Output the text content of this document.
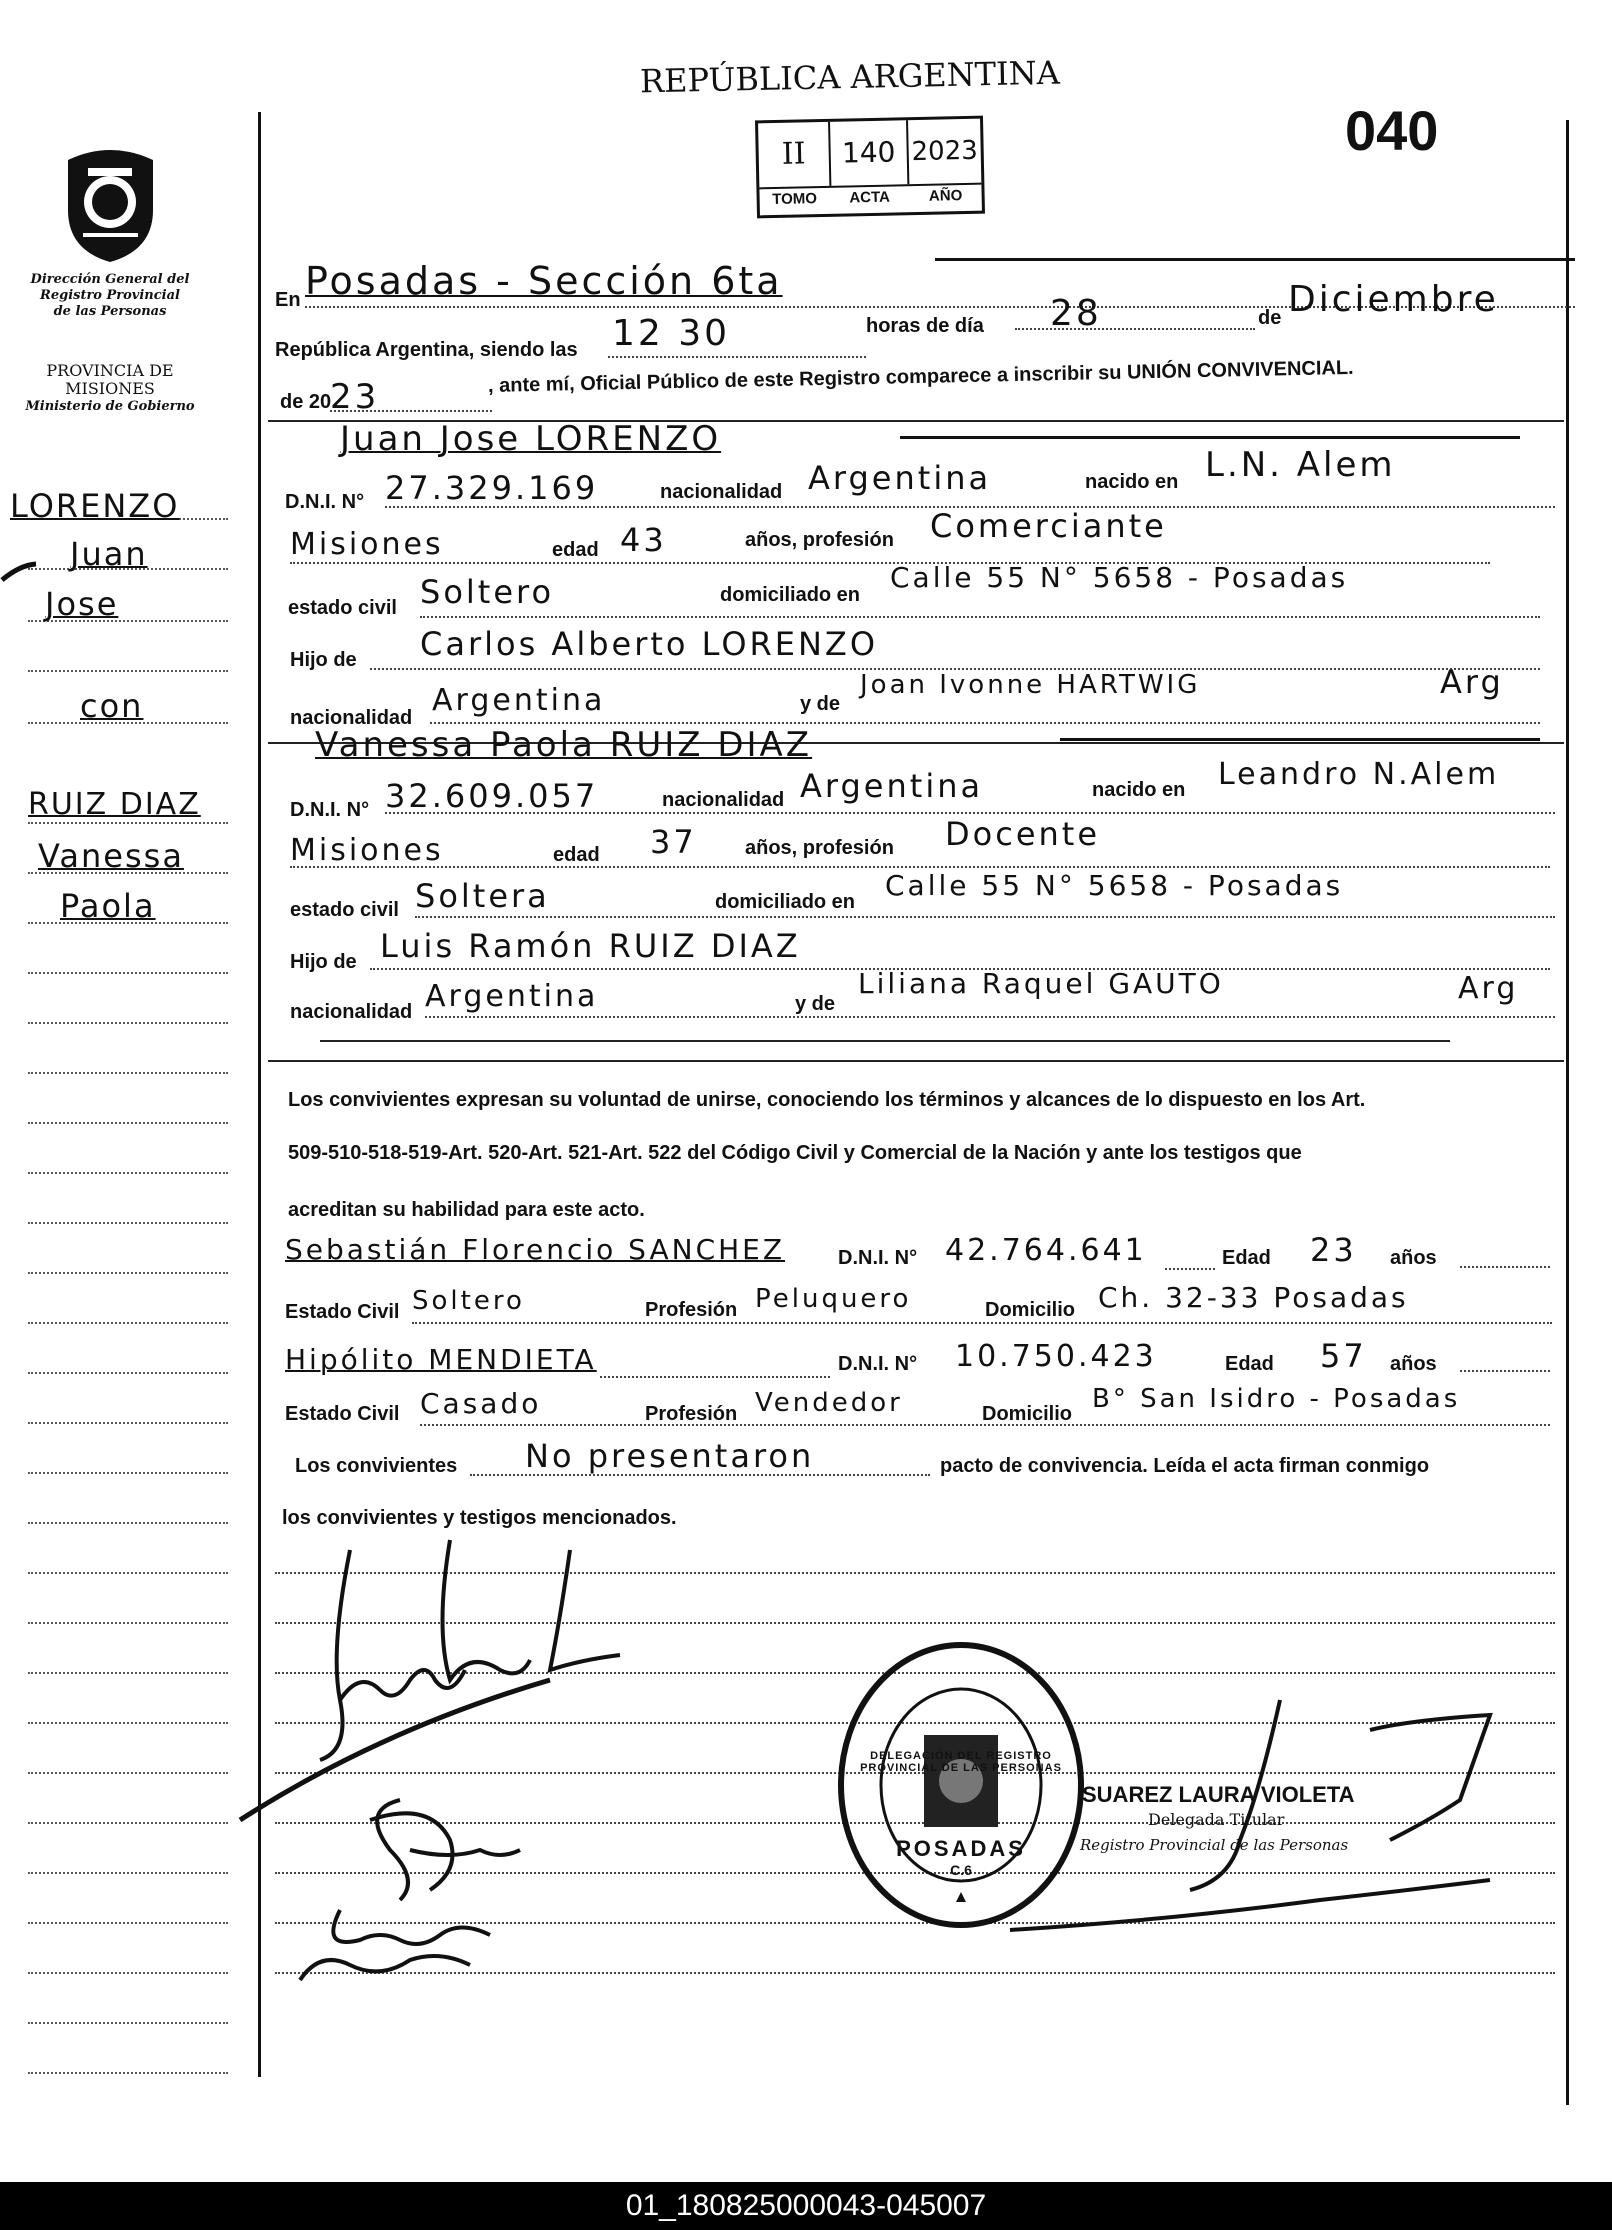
Dirección General del
Registro Provincial
de las Personas
PROVINCIA DE
MISIONES
Ministerio de Gobierno
LORENZO
Juan
Jose
con
RUIZ DIAZ
Vanessa
Paola
REPÚBLICA ARGENTINA
040
II	140 2023
TOMO	ACTA	AÑO
En Posadas - Sección 6ta
República Argentina, siendo las 12 30	horas de día 28	de Diciembre
de 20
23
, ante mí, Oficial Público de este Registro comparece a inscribir su UNIÓN CONVIVENCIAL.
Juan Jose LORENZO
D.N.I. N° 27.329.169	nacionalidad Argentina	nacido en L.N. Alem
Misiones	edad 43	años, profesión Comerciante
estado civil Soltero	domiciliado en
Calle 55 N° 5658 - Posadas
Hijo de Carlos Alberto LORENZO
nacionalidad Argentina	y de
Joan Ivonne HARTWIG	Arg
Vanessa Paola RUIZ DIAZ
D.N.I. N° 32.609.057	nacionalidad Argentina	nacido en Leandro N.Alem
Misiones	edad 37 años, profesión Docente
estado civil Soltera	domiciliado en Calle 55 N° 5658 - Posadas
Hijo de Luis Ramón RUIZ DIAZ
nacionalidad Argentina	y de
Liliana Raquel GAUTO	Arg
Los convivientes expresan su voluntad de unirse, conociendo los términos y alcances de lo dispuesto en los Art.
509-510-518-519-Art. 520-Art. 521-Art. 522 del Código Civil y Comercial de la Nación y ante los testigos que
acreditan su habilidad para este acto.
Sebastián Florencio SANCHEZ	D.N.I. N° 42.764.641	Edad 23 años
Estado Civil Soltero	Profesión Peluquero	Domicilio Ch. 32-33 Posadas
Hipólito MENDIETA	D.N.I. N° 10.750.423	Edad 57 años
Estado Civil Casado	Profesión Vendedor	Domicilio B° San Isidro - Posadas
Los convivientes No presentaron	pacto de convivencia. Leída el acta firman conmigo
los convivientes y testigos mencionados.
DELEGACIÓN DEL REGISTRO PROVINCIAL DE LAS PERSONAS
POSADAS
C.6
SUAREZ LAURA VIOLETA
Delegada Titular
Registro Provincial de las Personas
01_180825000043-045007
